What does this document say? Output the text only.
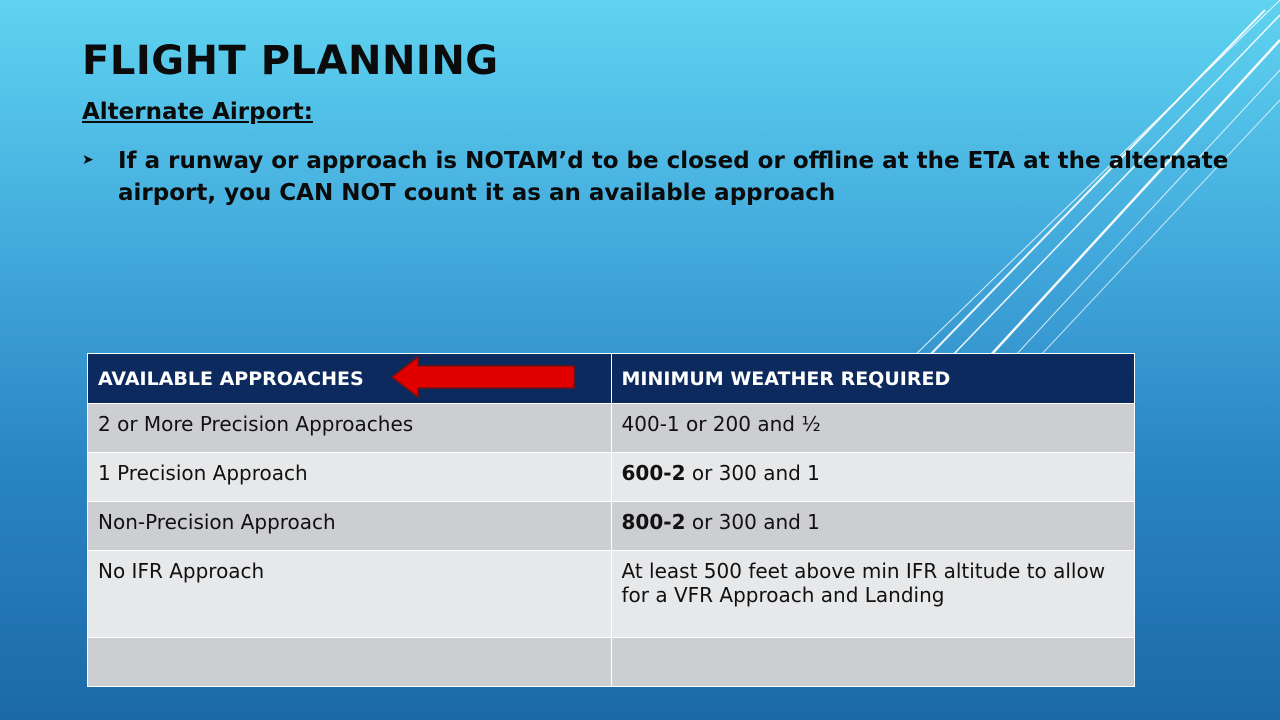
FLIGHT PLANNING
Alternate Airport:
➤	If a runway or approach is NOTAM’d to be closed or offline at the ETA at the alternate airport, you CAN NOT count it as an available approach
AVAILABLE APPROACHES	MINIMUM WEATHER REQUIRED
2 or More Precision Approaches	400-1 or 200 and ½
1 Precision Approach	600-2 or 300 and 1
Non-Precision Approach	800-2 or 300 and 1
No IFR Approach	At least 500 feet above min IFR altitude to allow for a VFR Approach and Landing
